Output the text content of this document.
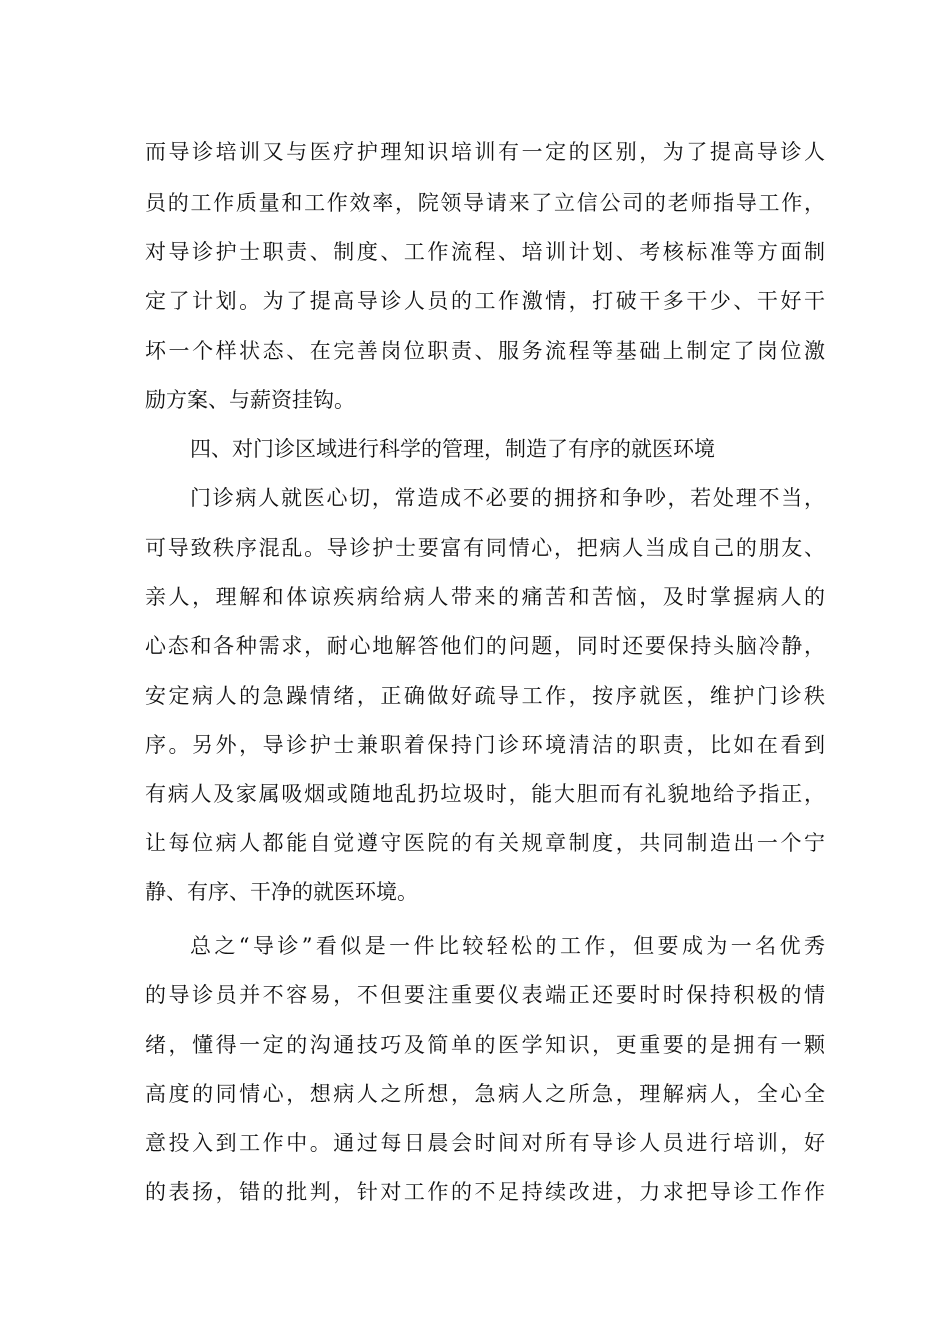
而导诊培训又与医疗护理知识培训有一定的区别，为了提高导诊人
员的工作质量和工作效率，院领导请来了立信公司的老师指导工作，
对导诊护士职责、制度、工作流程、培训计划、考核标准等方面制
定了计划。为了提高导诊人员的工作激情，打破干多干少、干好干
坏一个样状态、在完善岗位职责、服务流程等基础上制定了岗位激
励方案、与薪资挂钩。
四、对门诊区域进行科学的管理，制造了有序的就医环境
门诊病人就医心切，常造成不必要的拥挤和争吵，若处理不当，
可导致秩序混乱。导诊护士要富有同情心，把病人当成自己的朋友、
亲人，理解和体谅疾病给病人带来的痛苦和苦恼，及时掌握病人的
心态和各种需求，耐心地解答他们的问题，同时还要保持头脑冷静，
安定病人的急躁情绪，正确做好疏导工作，按序就医，维护门诊秩
序。另外，导诊护士兼职着保持门诊环境清洁的职责，比如在看到
有病人及家属吸烟或随地乱扔垃圾时，能大胆而有礼貌地给予指正，
让每位病人都能自觉遵守医院的有关规章制度，共同制造出一个宁
静、有序、干净的就医环境。
总之“导诊”看似是一件比较轻松的工作，但要成为一名优秀
的导诊员并不容易，不但要注重要仪表端正还要时时保持积极的情
绪，懂得一定的沟通技巧及简单的医学知识，更重要的是拥有一颗
高度的同情心，想病人之所想，急病人之所急，理解病人，全心全
意投入到工作中。通过每日晨会时间对所有导诊人员进行培训，好
的表扬，错的批判，针对工作的不足持续改进，力求把导诊工作作
